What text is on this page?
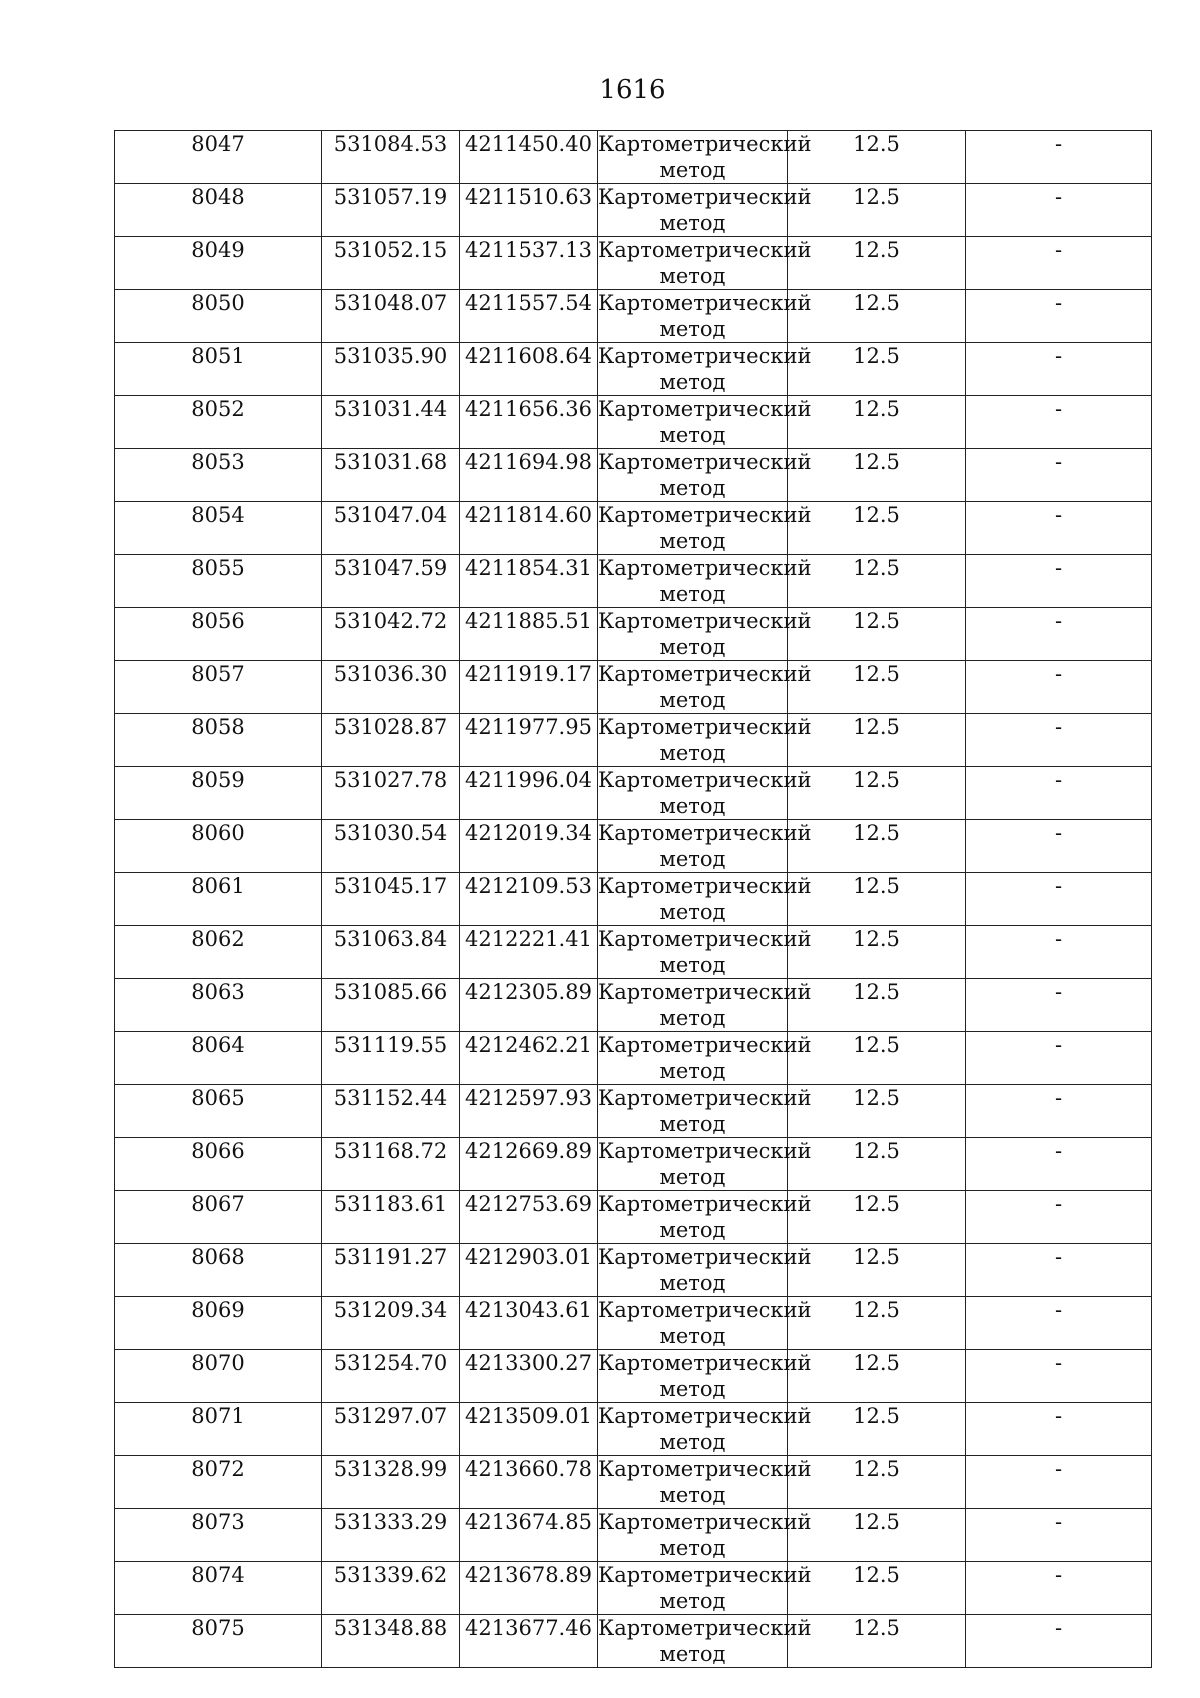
1616
8047	531084.53	4211450.40	Картометрический метод	12.5	-
8048	531057.19	4211510.63	Картометрический метод	12.5	-
8049	531052.15	4211537.13	Картометрический метод	12.5	-
8050	531048.07	4211557.54	Картометрический метод	12.5	-
8051	531035.90	4211608.64	Картометрический метод	12.5	-
8052	531031.44	4211656.36	Картометрический метод	12.5	-
8053	531031.68	4211694.98	Картометрический метод	12.5	-
8054	531047.04	4211814.60	Картометрический метод	12.5	-
8055	531047.59	4211854.31	Картометрический метод	12.5	-
8056	531042.72	4211885.51	Картометрический метод	12.5	-
8057	531036.30	4211919.17	Картометрический метод	12.5	-
8058	531028.87	4211977.95	Картометрический метод	12.5	-
8059	531027.78	4211996.04	Картометрический метод	12.5	-
8060	531030.54	4212019.34	Картометрический метод	12.5	-
8061	531045.17	4212109.53	Картометрический метод	12.5	-
8062	531063.84	4212221.41	Картометрический метод	12.5	-
8063	531085.66	4212305.89	Картометрический метод	12.5	-
8064	531119.55	4212462.21	Картометрический метод	12.5	-
8065	531152.44	4212597.93	Картометрический метод	12.5	-
8066	531168.72	4212669.89	Картометрический метод	12.5	-
8067	531183.61	4212753.69	Картометрический метод	12.5	-
8068	531191.27	4212903.01	Картометрический метод	12.5	-
8069	531209.34	4213043.61	Картометрический метод	12.5	-
8070	531254.70	4213300.27	Картометрический метод	12.5	-
8071	531297.07	4213509.01	Картометрический метод	12.5	-
8072	531328.99	4213660.78	Картометрический метод	12.5	-
8073	531333.29	4213674.85	Картометрический метод	12.5	-
8074	531339.62	4213678.89	Картометрический метод	12.5	-
8075	531348.88	4213677.46	Картометрический метод	12.5	-
